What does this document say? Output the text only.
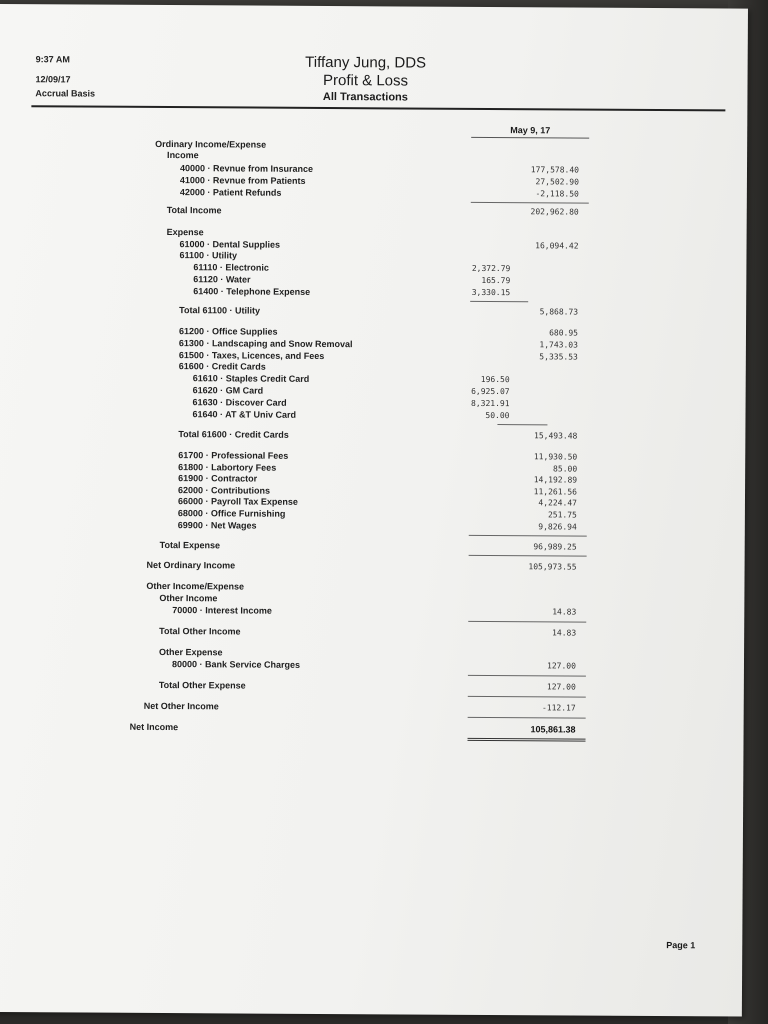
9:37 AM
12/09/17
Accrual Basis
Tiffany Jung, DDS
Profit & Loss
All Transactions
May 9, 17
Ordinary Income/Expense
Income
40000 · Revnue from Insurance	177,578.40
41000 · Revnue from Patients	27,502.90
42000 · Patient Refunds	-2,118.50
Total Income	202,962.80
Expense
61000 · Dental Supplies	16,094.42
61100 · Utility
61110 · Electronic	2,372.79
61120 · Water	165.79
61400 · Telephone Expense	3,330.15
Total 61100 · Utility	5,868.73
61200 · Office Supplies	680.95
61300 · Landscaping and Snow Removal	1,743.03
61500 · Taxes, Licences, and Fees	5,335.53
61600 · Credit Cards
61610 · Staples Credit Card	196.50
61620 · GM Card	6,925.07
61630 · Discover Card	8,321.91
61640 · AT &T Univ Card	50.00
Total 61600 · Credit Cards	15,493.48
61700 · Professional Fees	11,930.50
61800 · Labortory Fees	85.00
61900 · Contractor	14,192.89
62000 · Contributions	11,261.56
66000 · Payroll Tax Expense	4,224.47
68000 · Office Furnishing	251.75
69900 · Net Wages	9,826.94
Total Expense	96,989.25
Net Ordinary Income	105,973.55
Other Income/Expense
Other Income
70000 · Interest Income	14.83
Total Other Income	14.83
Other Expense
80000 · Bank Service Charges	127.00
Total Other Expense	127.00
Net Other Income	-112.17
Net Income	105,861.38
Page 1
